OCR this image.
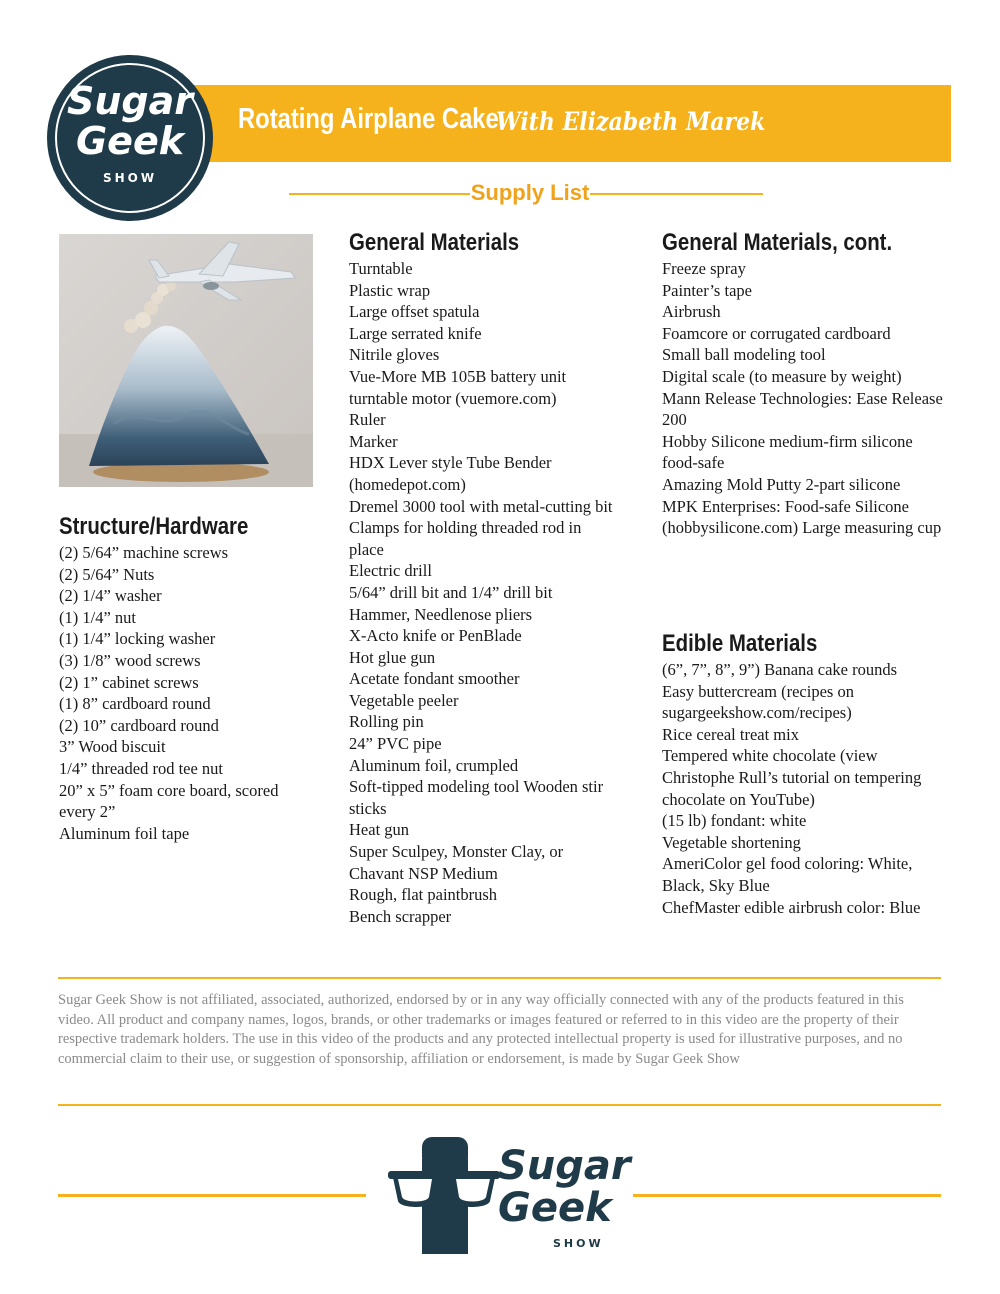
Rotating Airplane Cake
With Elizabeth Marek
Sugar
Geek
SHOW
Supply List
Structure/Hardware
(2) 5/64” machine screws
(2) 5/64” Nuts
(2) 1/4” washer
(1) 1/4” nut
(1) 1/4” locking washer
(3) 1/8” wood screws
(2) 1” cabinet screws
(1) 8” cardboard round
(2) 10” cardboard round
3” Wood biscuit
1/4” threaded rod tee nut
20” x 5” foam core board, scored every 2”
Aluminum foil tape
General Materials
Turntable
Plastic wrap
Large offset spatula
Large serrated knife
Nitrile gloves
Vue-More MB 105B battery unit turntable motor (vuemore.com)
Ruler
Marker
HDX Lever style Tube Bender (homedepot.com)
Dremel 3000 tool with metal-cutting bit
Clamps for holding threaded rod in place
Electric drill
5/64” drill bit and 1/4” drill bit
Hammer, Needlenose pliers
X-Acto knife or PenBlade
Hot glue gun
Acetate fondant smoother
Vegetable peeler
Rolling pin
24” PVC pipe
Aluminum foil, crumpled
Soft-tipped modeling tool Wooden stir sticks
Heat gun
Super Sculpey, Monster Clay, or Chavant NSP Medium
Rough, flat paintbrush
Bench scrapper
General Materials, cont.
Freeze spray
Painter’s tape
Airbrush
Foamcore or corrugated cardboard
Small ball modeling tool
Digital scale (to measure by weight)
Mann Release Technologies: Ease Release 200
Hobby Silicone medium-firm silicone food-safe
Amazing Mold Putty 2-part silicone
MPK Enterprises: Food-safe Silicone (hobbysilicone.com) Large measuring cup
Edible Materials
(6”, 7”, 8”, 9”) Banana cake rounds
Easy buttercream (recipes on sugargeekshow.com/recipes)
Rice cereal treat mix
Tempered white chocolate (view Christophe Rull’s tutorial on tempering chocolate on YouTube)
(15 lb) fondant: white
Vegetable shortening
AmeriColor gel food coloring: White, Black, Sky Blue
ChefMaster edible airbrush color: Blue
Sugar Geek Show is not affiliated, associated, authorized, endorsed by or in any way officially connected with any of the products featured in this video. All product and company names, logos, brands, or other trademarks or images featured or referred to in this video are the property of their respective trademark holders. The use in this video of the products and any protected intellectual property is used for illustrative purposes, and no commercial claim to their use, or suggestion of sponsorship, affiliation or endorsement, is made by Sugar Geek Show
Sugar
Geek
SHOW
